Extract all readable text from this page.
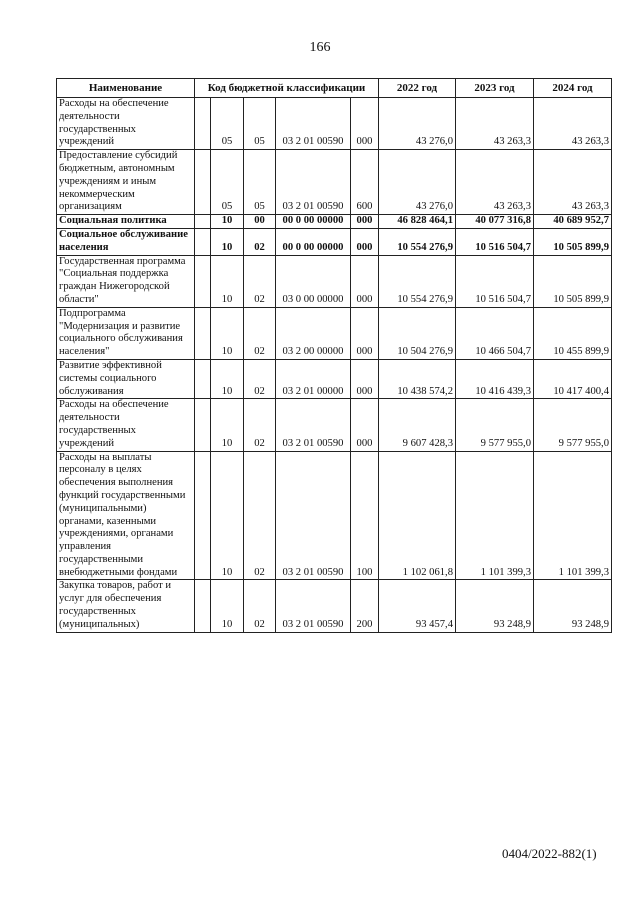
166
Наименование	Код бюджетной классификации					2022 год	2023 год	2024 год
Расходы на обеспечение деятельности государственных учреждений		05	05	03 2 01 00590	000	43 276,0	43 263,3	43 263,3
Предоставление субсидий бюджетным, автономным учреждениям и иным некоммерческим организациям		05	05	03 2 01 00590	600	43 276,0	43 263,3	43 263,3
Социальная политика		10	00	00 0 00 00000	000	46 828 464,1	40 077 316,8	40 689 952,7
Социальное обслуживание населения		10	02	00 0 00 00000	000	10 554 276,9	10 516 504,7	10 505 899,9
Государственная программа "Социальная поддержка граждан Нижегородской области"		10	02	03 0 00 00000	000	10 554 276,9	10 516 504,7	10 505 899,9
Подпрограмма "Модернизация и развитие социального обслуживания населения"		10	02	03 2 00 00000	000	10 504 276,9	10 466 504,7	10 455 899,9
Развитие эффективной системы социального обслуживания		10	02	03 2 01 00000	000	10 438 574,2	10 416 439,3	10 417 400,4
Расходы на обеспечение деятельности государственных учреждений		10	02	03 2 01 00590	000	9 607 428,3	9 577 955,0	9 577 955,0
Расходы на выплаты персоналу в целях обеспечения выполнения функций государственными (муниципальными) органами, казенными учреждениями, органами управления государственными внебюджетными фондами		10	02	03 2 01 00590	100	1 102 061,8	1 101 399,3	1 101 399,3
Закупка товаров, работ и услуг для обеспечения государственных (муниципальных)		10	02	03 2 01 00590	200	93 457,4	93 248,9	93 248,9
0404/2022-882(1)
